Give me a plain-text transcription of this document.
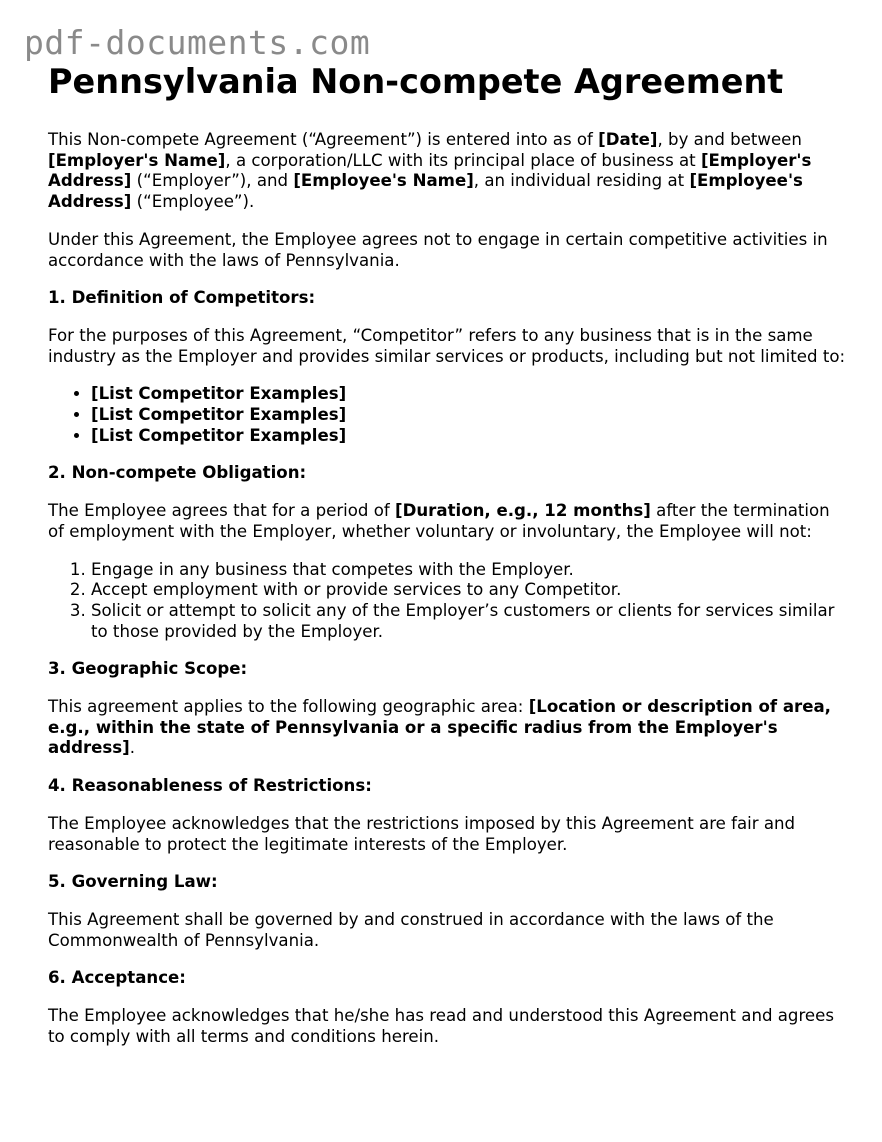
pdf-documents.com
Pennsylvania Non-compete Agreement

This Non-compete Agreement (“Agreement”) is entered into as of [Date], by and between [Employer's Name], a corporation/LLC with its principal place of business at [Employer's Address] (“Employer”), and [Employee's Name], an individual residing at [Employee's Address] (“Employee”).

Under this Agreement, the Employee agrees not to engage in certain competitive activities in accordance with the laws of Pennsylvania.

1. Definition of Competitors:

For the purposes of this Agreement, “Competitor” refers to any business that is in the same industry as the Employer and provides similar services or products, including but not limited to:

• [List Competitor Examples]
• [List Competitor Examples]
• [List Competitor Examples]

2. Non-compete Obligation:

The Employee agrees that for a period of [Duration, e.g., 12 months] after the termination of employment with the Employer, whether voluntary or involuntary, the Employee will not:

1. Engage in any business that competes with the Employer.
2. Accept employment with or provide services to any Competitor.
3. Solicit or attempt to solicit any of the Employer’s customers or clients for services similar to those provided by the Employer.

3. Geographic Scope:

This agreement applies to the following geographic area: [Location or description of area, e.g., within the state of Pennsylvania or a specific radius from the Employer's address].

4. Reasonableness of Restrictions:

The Employee acknowledges that the restrictions imposed by this Agreement are fair and reasonable to protect the legitimate interests of the Employer.

5. Governing Law:

This Agreement shall be governed by and construed in accordance with the laws of the Commonwealth of Pennsylvania.

6. Acceptance:

The Employee acknowledges that he/she has read and understood this Agreement and agrees to comply with all terms and conditions herein.
